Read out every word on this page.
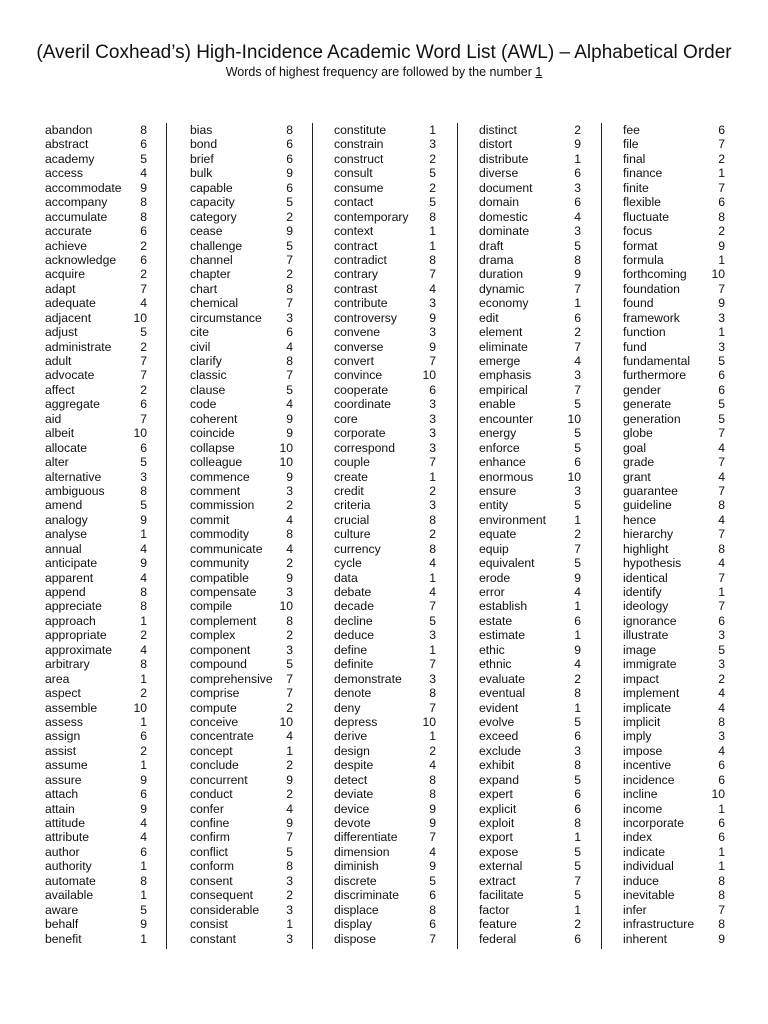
(Averil Coxhead’s) High-Incidence Academic Word List (AWL) – Alphabetical Order
Words of highest frequency are followed by the number 1
abandon	8
abstract	6
academy	5
access	4
accommodate 9
accompany	8
accumulate	8
accurate	6
achieve	2
acknowledge 6
acquire	2
adapt	7
adequate	4
adjacent	10
adjust	5
administrate 2
adult	7
advocate	7
affect	2
aggregate	6
aid	7
albeit	10
allocate	6
alter	5
alternative	3
ambiguous	8
amend	5
analogy	9
analyse	1
annual	4
anticipate	9
apparent	4
append	8
appreciate	8
approach	1
appropriate	2
approximate 4
arbitrary	8
area	1
aspect	2
assemble	10
assess	1
assign	6
assist	2
assume	1
assure	9
attach	6
attain	9
attitude	4
attribute	4
author	6
authority	1
automate	8
available	1
aware	5
behalf	9
benefit	1
bias	8
bond	6
brief	6
bulk	9
capable	6
capacity	5
category	2
cease	9
challenge	5
channel	7
chapter	2
chart	8
chemical	7
circumstance 3
cite	6
civil	4
clarify	8
classic	7
clause	5
code	4
coherent	9
coincide	9
collapse	10
colleague	10
commence	9
comment	3
commission	2
commit	4
commodity	8
communicate 4
community	2
compatible	9
compensate 3
compile	10
complement 8
complex	2
component	3
compound	5
comprehensive 7
comprise	7
compute	2
conceive	10
concentrate	4
concept	1
conclude	2
concurrent	9
conduct	2
confer	4
confine	9
confirm	7
conflict	5
conform	8
consent	3
consequent	2
considerable 3
consist	1
constant	3
constitute	1
constrain	3
construct	2
consult	5
consume	2
contact	5
contemporary 8
context	1
contract	1
contradict	8
contrary	7
contrast	4
contribute	3
controversy	9
convene	3
converse	9
convert	7
convince	10
cooperate	6
coordinate	3
core	3
corporate	3
correspond	3
couple	7
create	1
credit	2
criteria	3
crucial	8
culture	2
currency	8
cycle	4
data	1
debate	4
decade	7
decline	5
deduce	3
define	1
definite	7
demonstrate 3
denote	8
deny	7
depress	10
derive	1
design	2
despite	4
detect	8
deviate	8
device	9
devote	9
differentiate	7
dimension	4
diminish	9
discrete	5
discriminate 6
displace	8
display	6
dispose	7
distinct	2
distort	9
distribute	1
diverse	6
document	3
domain	6
domestic	4
dominate	3
draft	5
drama	8
duration	9
dynamic	7
economy	1
edit	6
element	2
eliminate	7
emerge	4
emphasis	3
empirical	7
enable	5
encounter	10
energy	5
enforce	5
enhance	6
enormous	10
ensure	3
entity	5
environment 1
equate	2
equip	7
equivalent	5
erode	9
error	4
establish	1
estate	6
estimate	1
ethic	9
ethnic	4
evaluate	2
eventual	8
evident	1
evolve	5
exceed	6
exclude	3
exhibit	8
expand	5
expert	6
explicit	6
exploit	8
export	1
expose	5
external	5
extract	7
facilitate	5
factor	1
feature	2
federal	6
fee	6
file	7
final	2
finance	1
finite	7
flexible	6
fluctuate	8
focus	2
format	9
formula	1
forthcoming 10
foundation	7
found	9
framework	3
function	1
fund	3
fundamental 5
furthermore	6
gender	6
generate	5
generation	5
globe	7
goal	4
grade	7
grant	4
guarantee	7
guideline	8
hence	4
hierarchy	7
highlight	8
hypothesis	4
identical	7
identify	1
ideology	7
ignorance	6
illustrate	3
image	5
immigrate	3
impact	2
implement	4
implicate	4
implicit	8
imply	3
impose	4
incentive	6
incidence	6
incline	10
income	1
incorporate	6
index	6
indicate	1
individual	1
induce	8
inevitable	8
infer	7
infrastructure 8
inherent	9
